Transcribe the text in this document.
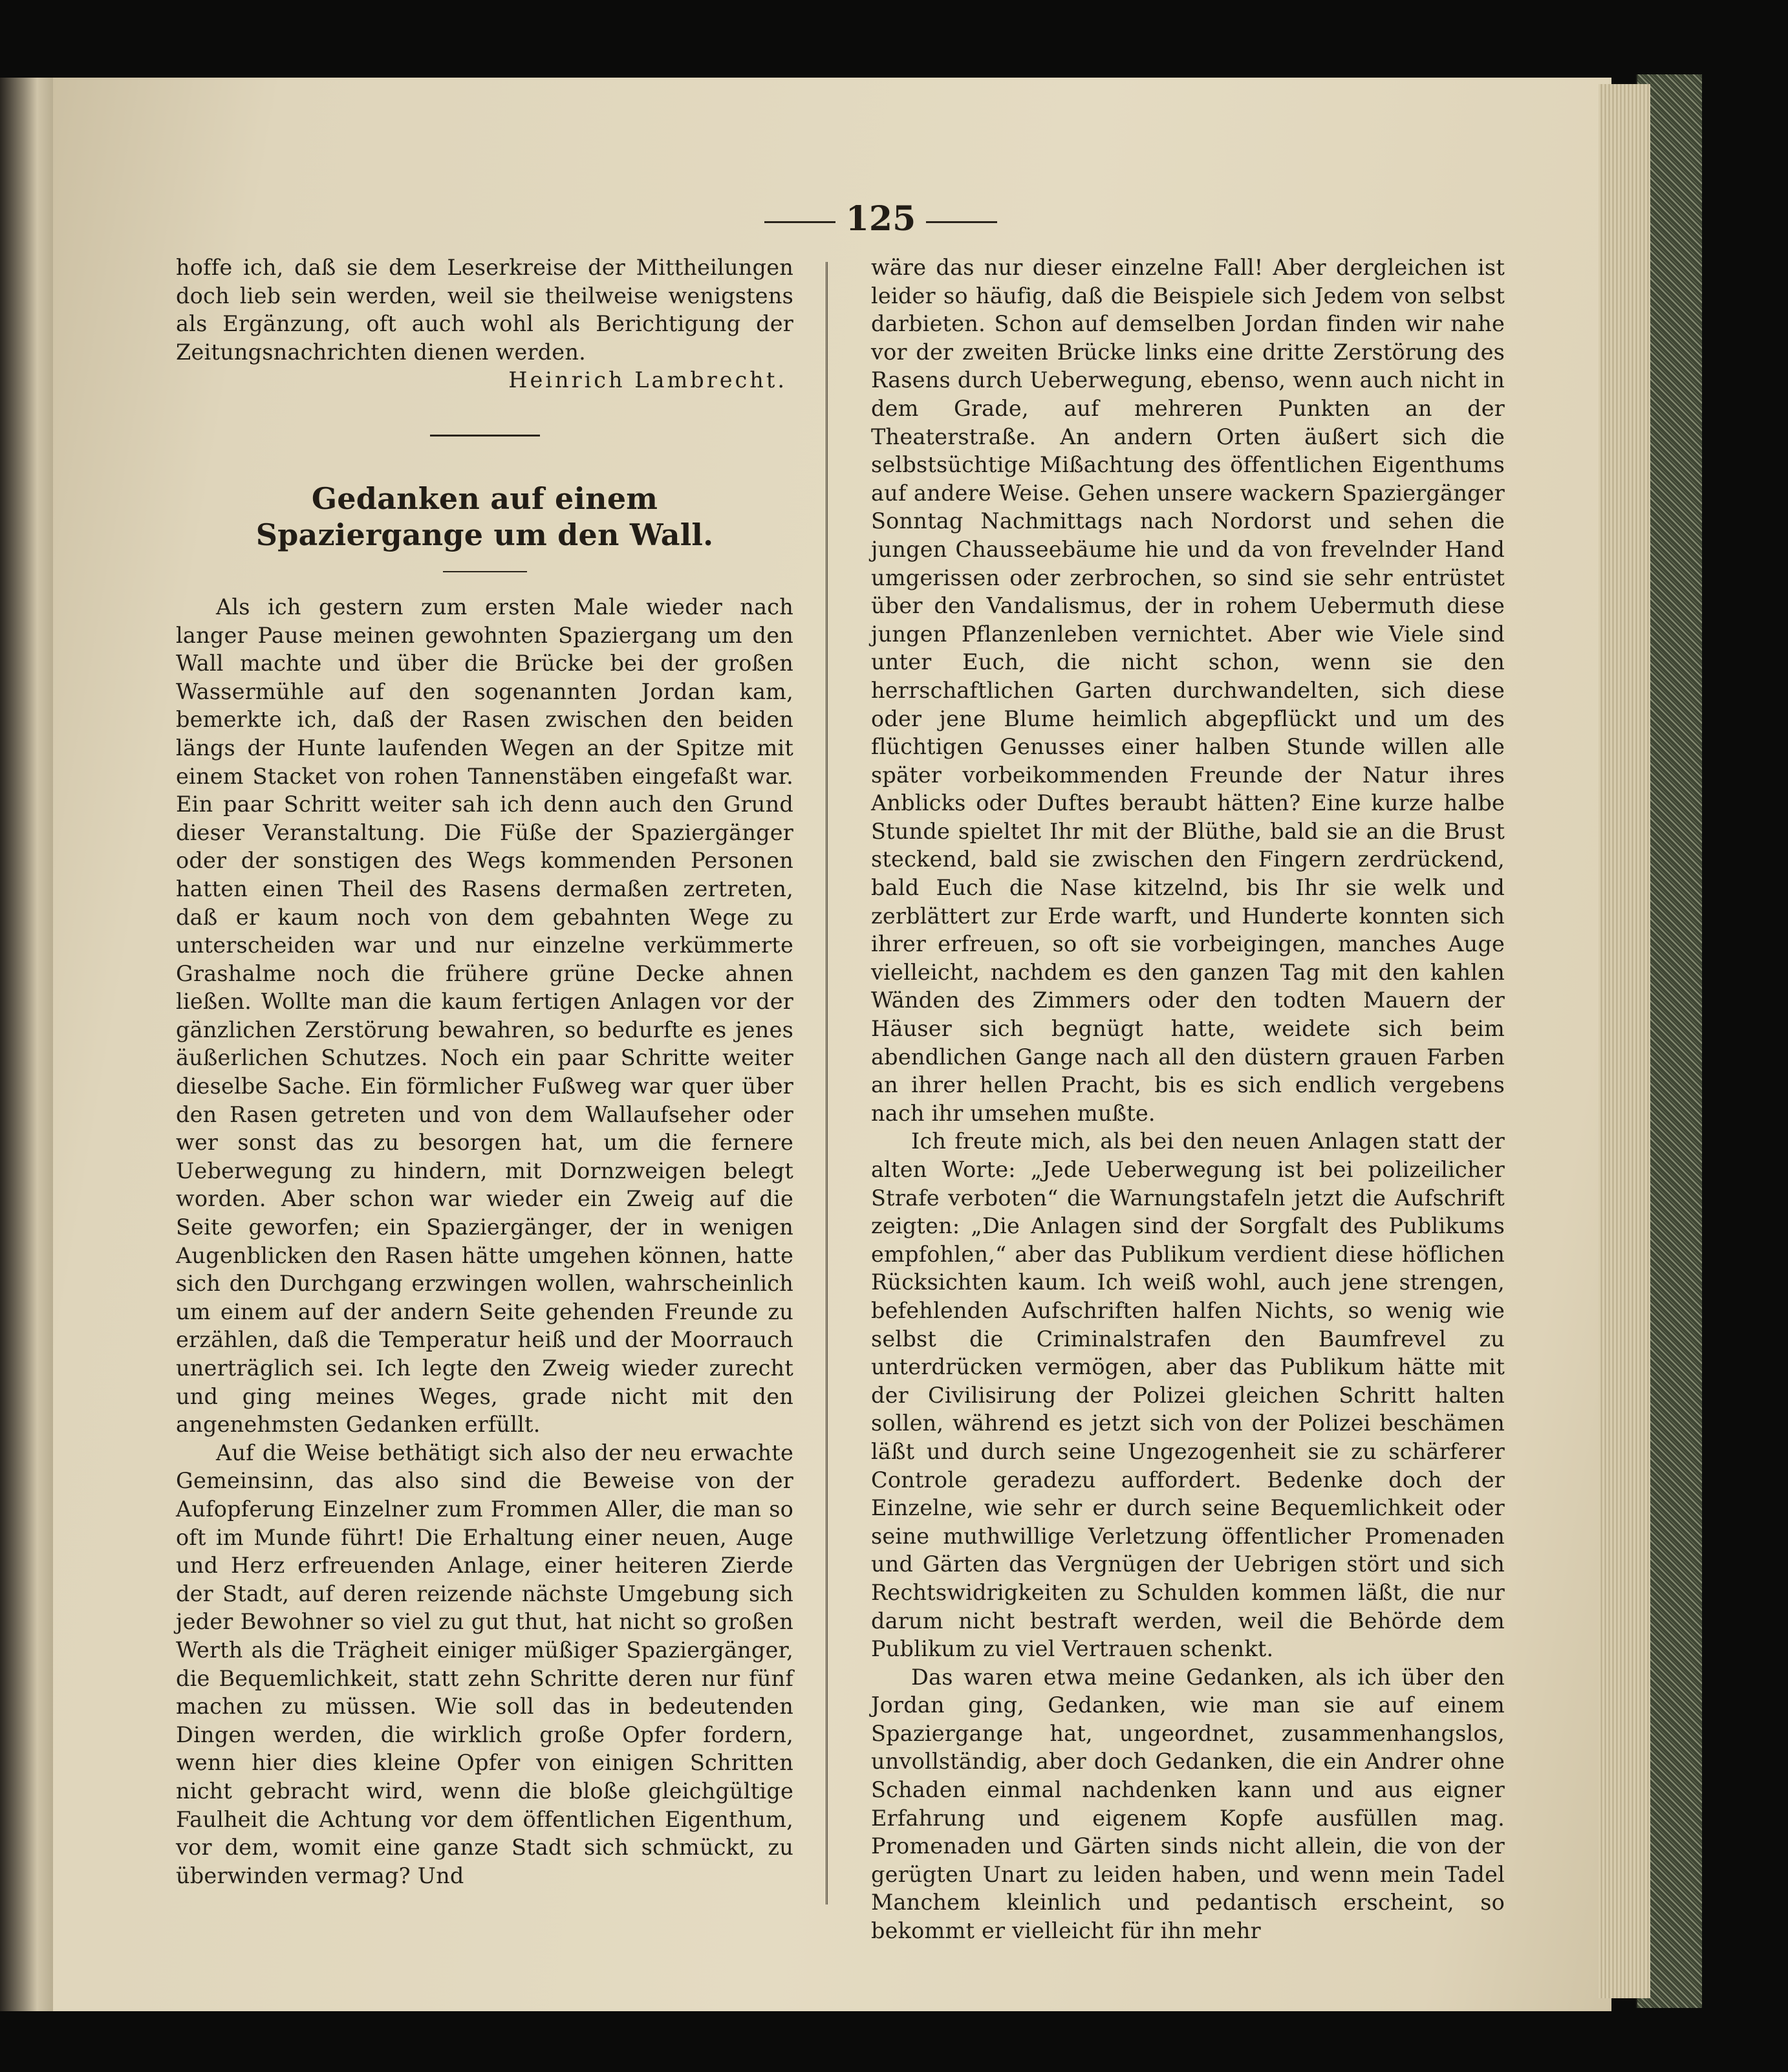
125

hoffe ich, daß sie dem Leserkreise der Mittheilungen doch lieb sein werden, weil sie theilweise wenigstens als Ergänzung, oft auch wohl als Berichtigung der Zeitungsnachrichten dienen werden.

Heinrich Lambrecht.

Gedanken auf einem Spaziergange um den Wall.

Als ich gestern zum ersten Male wieder nach langer Pause meinen gewohnten Spaziergang um den Wall machte und über die Brücke bei der großen Wassermühle auf den sogenannten Jordan kam, bemerkte ich, daß der Rasen zwischen den beiden längs der Hunte laufenden Wegen an der Spitze mit einem Stacket von rohen Tannenstäben eingefaßt war. Ein paar Schritt weiter sah ich denn auch den Grund dieser Veranstaltung. Die Füße der Spaziergänger oder der sonstigen des Wegs kommenden Personen hatten einen Theil des Rasens dermaßen zertreten, daß er kaum noch von dem gebahnten Wege zu unterscheiden war und nur einzelne verkümmerte Grashalme noch die frühere grüne Decke ahnen ließen. Wollte man die kaum fertigen Anlagen vor der gänzlichen Zerstörung bewahren, so bedurfte es jenes äußerlichen Schutzes. Noch ein paar Schritte weiter dieselbe Sache. Ein förmlicher Fußweg war quer über den Rasen getreten und von dem Wallaufseher oder wer sonst das zu besorgen hat, um die fernere Ueberwegung zu hindern, mit Dornzweigen belegt worden. Aber schon war wieder ein Zweig auf die Seite geworfen; ein Spaziergänger, der in wenigen Augenblicken den Rasen hätte umgehen können, hatte sich den Durchgang erzwingen wollen, wahrscheinlich um einem auf der andern Seite gehenden Freunde zu erzählen, daß die Temperatur heiß und der Moorrauch unerträglich sei. Ich legte den Zweig wieder zurecht und ging meines Weges, grade nicht mit den angenehmsten Gedanken erfüllt.

Auf die Weise bethätigt sich also der neu erwachte Gemeinsinn, das also sind die Beweise von der Aufopferung Einzelner zum Frommen Aller, die man so oft im Munde führt! Die Erhaltung einer neuen, Auge und Herz erfreuenden Anlage, einer heiteren Zierde der Stadt, auf deren reizende nächste Umgebung sich jeder Bewohner so viel zu gut thut, hat nicht so großen Werth als die Trägheit einiger müßiger Spaziergänger, die Bequemlichkeit, statt zehn Schritte deren nur fünf machen zu müssen. Wie soll das in bedeutenden Dingen werden, die wirklich große Opfer fordern, wenn hier dies kleine Opfer von einigen Schritten nicht gebracht wird, wenn die bloße gleichgültige Faulheit die Achtung vor dem öffentlichen Eigenthum, vor dem, womit eine ganze Stadt sich schmückt, zu überwinden vermag? Und

wäre das nur dieser einzelne Fall! Aber dergleichen ist leider so häufig, daß die Beispiele sich Jedem von selbst darbieten. Schon auf demselben Jordan finden wir nahe vor der zweiten Brücke links eine dritte Zerstörung des Rasens durch Ueberwegung, ebenso, wenn auch nicht in dem Grade, auf mehreren Punkten an der Theaterstraße. An andern Orten äußert sich die selbstsüchtige Mißachtung des öffentlichen Eigenthums auf andere Weise. Gehen unsere wackern Spaziergänger Sonntag Nachmittags nach Nordorst und sehen die jungen Chausseebäume hie und da von frevelnder Hand umgerissen oder zerbrochen, so sind sie sehr entrüstet über den Vandalismus, der in rohem Uebermuth diese jungen Pflanzenleben vernichtet. Aber wie Viele sind unter Euch, die nicht schon, wenn sie den herrschaftlichen Garten durchwandelten, sich diese oder jene Blume heimlich abgepflückt und um des flüchtigen Genusses einer halben Stunde willen alle später vorbeikommenden Freunde der Natur ihres Anblicks oder Duftes beraubt hätten? Eine kurze halbe Stunde spieltet Ihr mit der Blüthe, bald sie an die Brust steckend, bald sie zwischen den Fingern zerdrückend, bald Euch die Nase kitzelnd, bis Ihr sie welk und zerblättert zur Erde warft, und Hunderte konnten sich ihrer erfreuen, so oft sie vorbeigingen, manches Auge vielleicht, nachdem es den ganzen Tag mit den kahlen Wänden des Zimmers oder den todten Mauern der Häuser sich begnügt hatte, weidete sich beim abendlichen Gange nach all den düstern grauen Farben an ihrer hellen Pracht, bis es sich endlich vergebens nach ihr umsehen mußte.

Ich freute mich, als bei den neuen Anlagen statt der alten Worte: „Jede Ueberwegung ist bei polizeilicher Strafe verboten“ die Warnungstafeln jetzt die Aufschrift zeigten: „Die Anlagen sind der Sorgfalt des Publikums empfohlen,“ aber das Publikum verdient diese höflichen Rücksichten kaum. Ich weiß wohl, auch jene strengen, befehlenden Aufschriften halfen Nichts, so wenig wie selbst die Criminalstrafen den Baumfrevel zu unterdrücken vermögen, aber das Publikum hätte mit der Civilisirung der Polizei gleichen Schritt halten sollen, während es jetzt sich von der Polizei beschämen läßt und durch seine Ungezogenheit sie zu schärferer Controle geradezu auffordert. Bedenke doch der Einzelne, wie sehr er durch seine Bequemlichkeit oder seine muthwillige Verletzung öffentlicher Promenaden und Gärten das Vergnügen der Uebrigen stört und sich Rechtswidrigkeiten zu Schulden kommen läßt, die nur darum nicht bestraft werden, weil die Behörde dem Publikum zu viel Vertrauen schenkt.

Das waren etwa meine Gedanken, als ich über den Jordan ging, Gedanken, wie man sie auf einem Spaziergange hat, ungeordnet, zusammenhangslos, unvollständig, aber doch Gedanken, die ein Andrer ohne Schaden einmal nachdenken kann und aus eigner Erfahrung und eigenem Kopfe ausfüllen mag. Promenaden und Gärten sinds nicht allein, die von der gerügten Unart zu leiden haben, und wenn mein Tadel Manchem kleinlich und pedantisch erscheint, so bekommt er vielleicht für ihn mehr
